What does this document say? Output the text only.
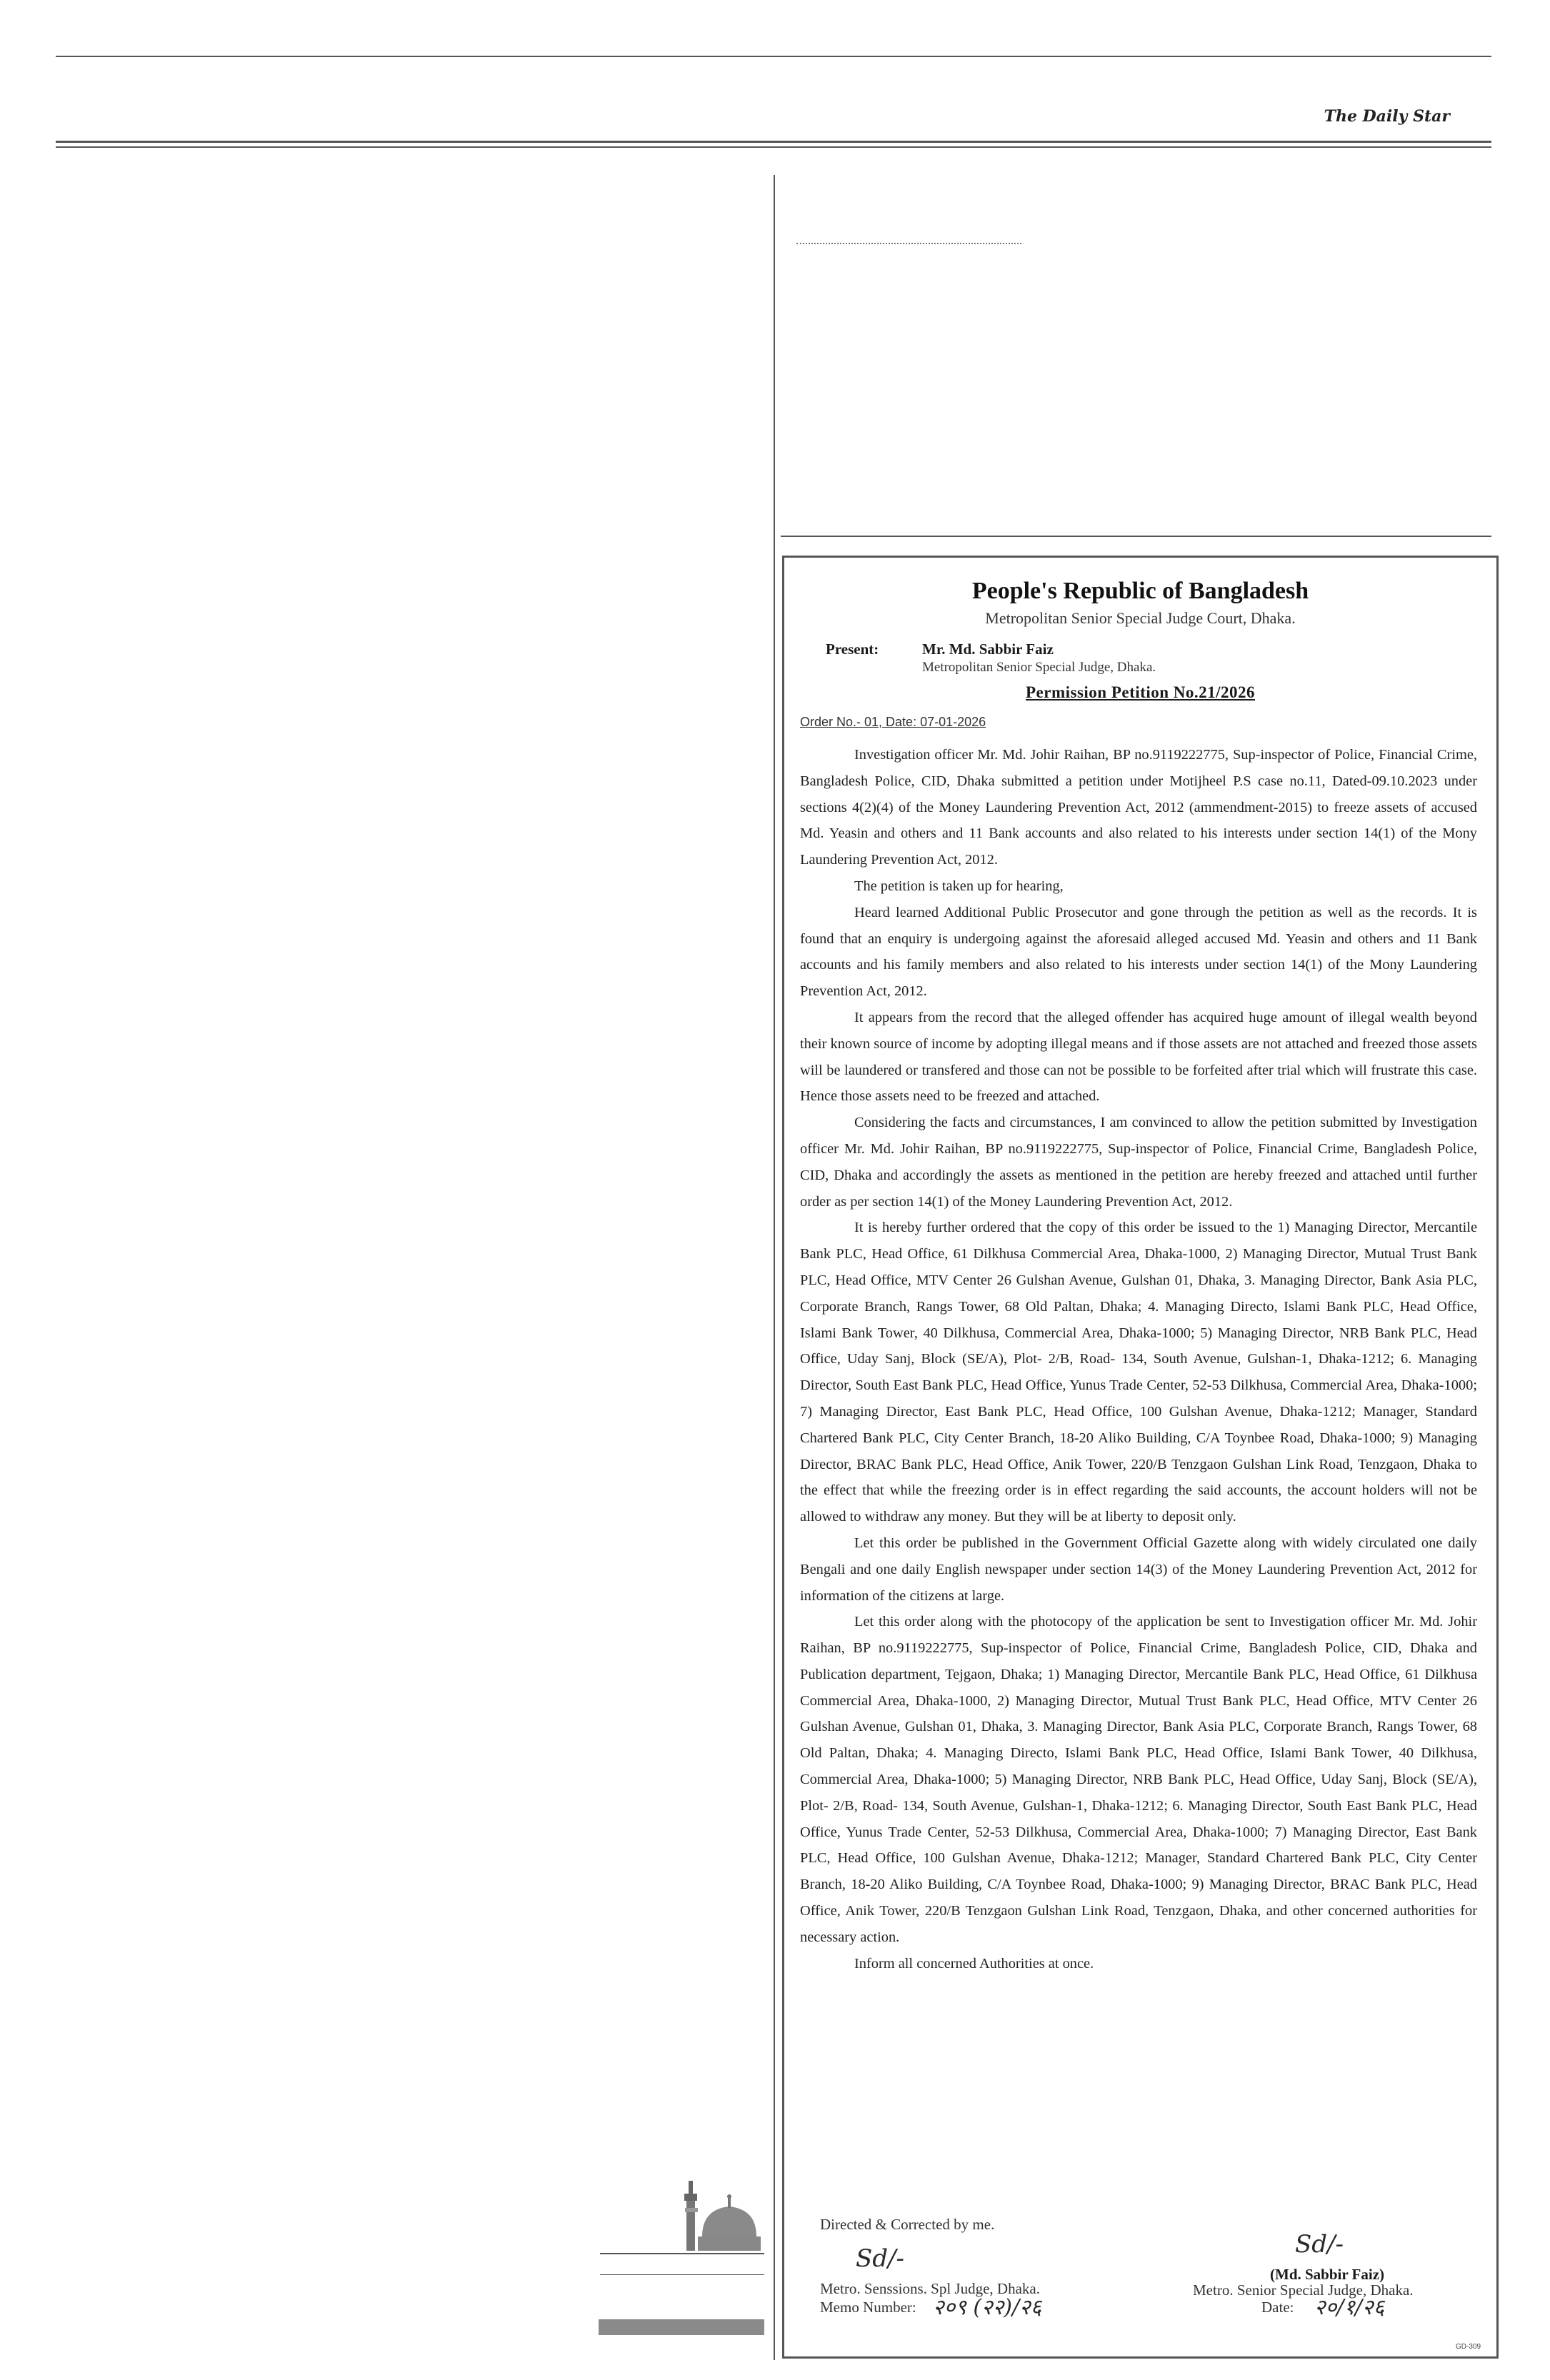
The Daily Star
People's Republic of Bangladesh
Metropolitan Senior Special Judge Court, Dhaka.
Present:	Mr. Md. Sabbir Faiz
Metropolitan Senior Special Judge, Dhaka.
Permission Petition No.21/2026
Order No.- 01, Date: 07-01-2026

Investigation officer Mr. Md. Johir Raihan, BP no.9119222775, Sup-inspector of Police, Financial Crime, Bangladesh Police, CID, Dhaka submitted a petition under Motijheel P.S case no.11, Dated-09.10.2023 under sections 4(2)(4) of the Money Laundering Prevention Act, 2012 (ammendment-2015) to freeze assets of accused Md. Yeasin and others and 11 Bank accounts and also related to his interests under section 14(1) of the Mony Laundering Prevention Act, 2012.

The petition is taken up for hearing,

Heard learned Additional Public Prosecutor and gone through the petition as well as the records. It is found that an enquiry is undergoing against the aforesaid alleged accused Md. Yeasin and others and 11 Bank accounts and his family members and also related to his interests under section 14(1) of the Mony Laundering Prevention Act, 2012.

It appears from the record that the alleged offender has acquired huge amount of illegal wealth beyond their known source of income by adopting illegal means and if those assets are not attached and freezed those assets will be laundered or transfered and those can not be possible to be forfeited after trial which will frustrate this case. Hence those assets need to be freezed and attached.

Considering the facts and circumstances, I am convinced to allow the petition submitted by Investigation officer Mr. Md. Johir Raihan, BP no.9119222775, Sup-inspector of Police, Financial Crime, Bangladesh Police, CID, Dhaka and accordingly the assets as mentioned in the petition are hereby freezed and attached until further order as per section 14(1) of the Money Laundering Prevention Act, 2012.

It is hereby further ordered that the copy of this order be issued to the 1) Managing Director, Mercantile Bank PLC, Head Office, 61 Dilkhusa Commercial Area, Dhaka-1000, 2) Managing Director, Mutual Trust Bank PLC, Head Office, MTV Center 26 Gulshan Avenue, Gulshan 01, Dhaka, 3. Managing Director, Bank Asia PLC, Corporate Branch, Rangs Tower, 68 Old Paltan, Dhaka; 4. Managing Directo, Islami Bank PLC, Head Office, Islami Bank Tower, 40 Dilkhusa, Commercial Area, Dhaka-1000; 5) Managing Director, NRB Bank PLC, Head Office, Uday Sanj, Block (SE/A), Plot- 2/B, Road- 134, South Avenue, Gulshan-1, Dhaka-1212; 6. Managing Director, South East Bank PLC, Head Office, Yunus Trade Center, 52-53 Dilkhusa, Commercial Area, Dhaka-1000; 7) Managing Director, East Bank PLC, Head Office, 100 Gulshan Avenue, Dhaka-1212; Manager, Standard Chartered Bank PLC, City Center Branch, 18-20 Aliko Building, C/A Toynbee Road, Dhaka-1000; 9) Managing Director, BRAC Bank PLC, Head Office, Anik Tower, 220/B Tenzgaon Gulshan Link Road, Tenzgaon, Dhaka to the effect that while the freezing order is in effect regarding the said accounts, the account holders will not be allowed to withdraw any money. But they will be at liberty to deposit only.

Let this order be published in the Government Official Gazette along with widely circulated one daily Bengali and one daily English newspaper under section 14(3) of the Money Laundering Prevention Act, 2012 for information of the citizens at large.

Let this order along with the photocopy of the application be sent to Investigation officer Mr. Md. Johir Raihan, BP no.9119222775, Sup-inspector of Police, Financial Crime, Bangladesh Police, CID, Dhaka and Publication department, Tejgaon, Dhaka; 1) Managing Director, Mercantile Bank PLC, Head Office, 61 Dilkhusa Commercial Area, Dhaka-1000, 2) Managing Director, Mutual Trust Bank PLC, Head Office, MTV Center 26 Gulshan Avenue, Gulshan 01, Dhaka, 3. Managing Director, Bank Asia PLC, Corporate Branch, Rangs Tower, 68 Old Paltan, Dhaka; 4. Managing Directo, Islami Bank PLC, Head Office, Islami Bank Tower, 40 Dilkhusa, Commercial Area, Dhaka-1000; 5) Managing Director, NRB Bank PLC, Head Office, Uday Sanj, Block (SE/A), Plot- 2/B, Road- 134, South Avenue, Gulshan-1, Dhaka-1212; 6. Managing Director, South East Bank PLC, Head Office, Yunus Trade Center, 52-53 Dilkhusa, Commercial Area, Dhaka-1000; 7) Managing Director, East Bank PLC, Head Office, 100 Gulshan Avenue, Dhaka-1212; Manager, Standard Chartered Bank PLC, City Center Branch, 18-20 Aliko Building, C/A Toynbee Road, Dhaka-1000; 9) Managing Director, BRAC Bank PLC, Head Office, Anik Tower, 220/B Tenzgaon Gulshan Link Road, Tenzgaon, Dhaka, and other concerned authorities for necessary action.

Inform all concerned Authorities at once.

Directed & Corrected by me.
Sd/-
Metro. Senssions. Spl Judge, Dhaka.
Memo Number: २०९ (२२)/२६
Sd/-
(Md. Sabbir Faiz)
Metro. Senior Special Judge, Dhaka.
Date: २०/१/२६
GD-309
